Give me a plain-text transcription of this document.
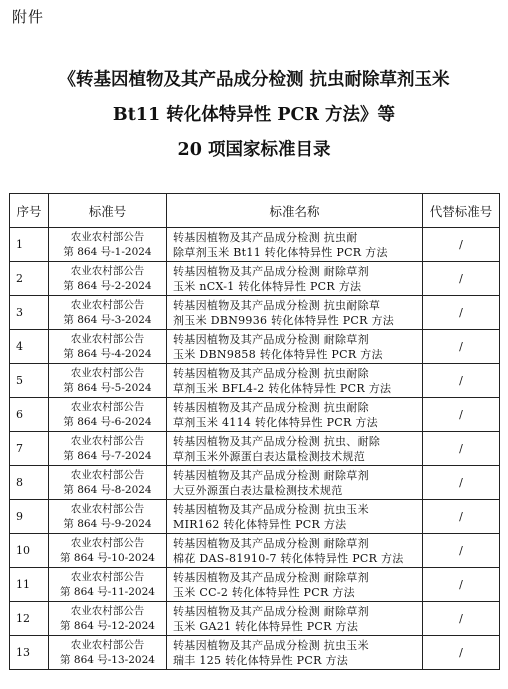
附件
《转基因植物及其产品成分检测 抗虫耐除草剂玉米
Bt11 转化体特异性 PCR 方法》等
20 项国家标准目录
序号	标准号	标准名称	代替标准号
1	农业农村部公告
第 864 号-1-2024	转基因植物及其产品成分检测 抗虫耐
除草剂玉米 Bt11 转化体特异性 PCR 方法	/
2	农业农村部公告
第 864 号-2-2024	转基因植物及其产品成分检测 耐除草剂
玉米 nCX-1 转化体特异性 PCR 方法	/
3	农业农村部公告
第 864 号-3-2024	转基因植物及其产品成分检测 抗虫耐除草
剂玉米 DBN9936 转化体特异性 PCR 方法	/
4	农业农村部公告
第 864 号-4-2024	转基因植物及其产品成分检测 耐除草剂
玉米 DBN9858 转化体特异性 PCR 方法	/
5	农业农村部公告
第 864 号-5-2024	转基因植物及其产品成分检测 抗虫耐除
草剂玉米 BFL4-2 转化体特异性 PCR 方法	/
6	农业农村部公告
第 864 号-6-2024	转基因植物及其产品成分检测 抗虫耐除
草剂玉米 4114 转化体特异性 PCR 方法	/
7	农业农村部公告
第 864 号-7-2024	转基因植物及其产品成分检测 抗虫、耐除
草剂玉米外源蛋白表达量检测技术规范	/
8	农业农村部公告
第 864 号-8-2024	转基因植物及其产品成分检测 耐除草剂
大豆外源蛋白表达量检测技术规范	/
9	农业农村部公告
第 864 号-9-2024	转基因植物及其产品成分检测 抗虫玉米
MIR162 转化体特异性 PCR 方法	/
10	农业农村部公告
第 864 号-10-2024	转基因植物及其产品成分检测 耐除草剂
棉花 DAS-81910-7 转化体特异性 PCR 方法	/
11	农业农村部公告
第 864 号-11-2024	转基因植物及其产品成分检测 耐除草剂
玉米 CC-2 转化体特异性 PCR 方法	/
12	农业农村部公告
第 864 号-12-2024	转基因植物及其产品成分检测 耐除草剂
玉米 GA21 转化体特异性 PCR 方法	/
13	农业农村部公告
第 864 号-13-2024	转基因植物及其产品成分检测 抗虫玉米
瑞丰 125 转化体特异性 PCR 方法	/
